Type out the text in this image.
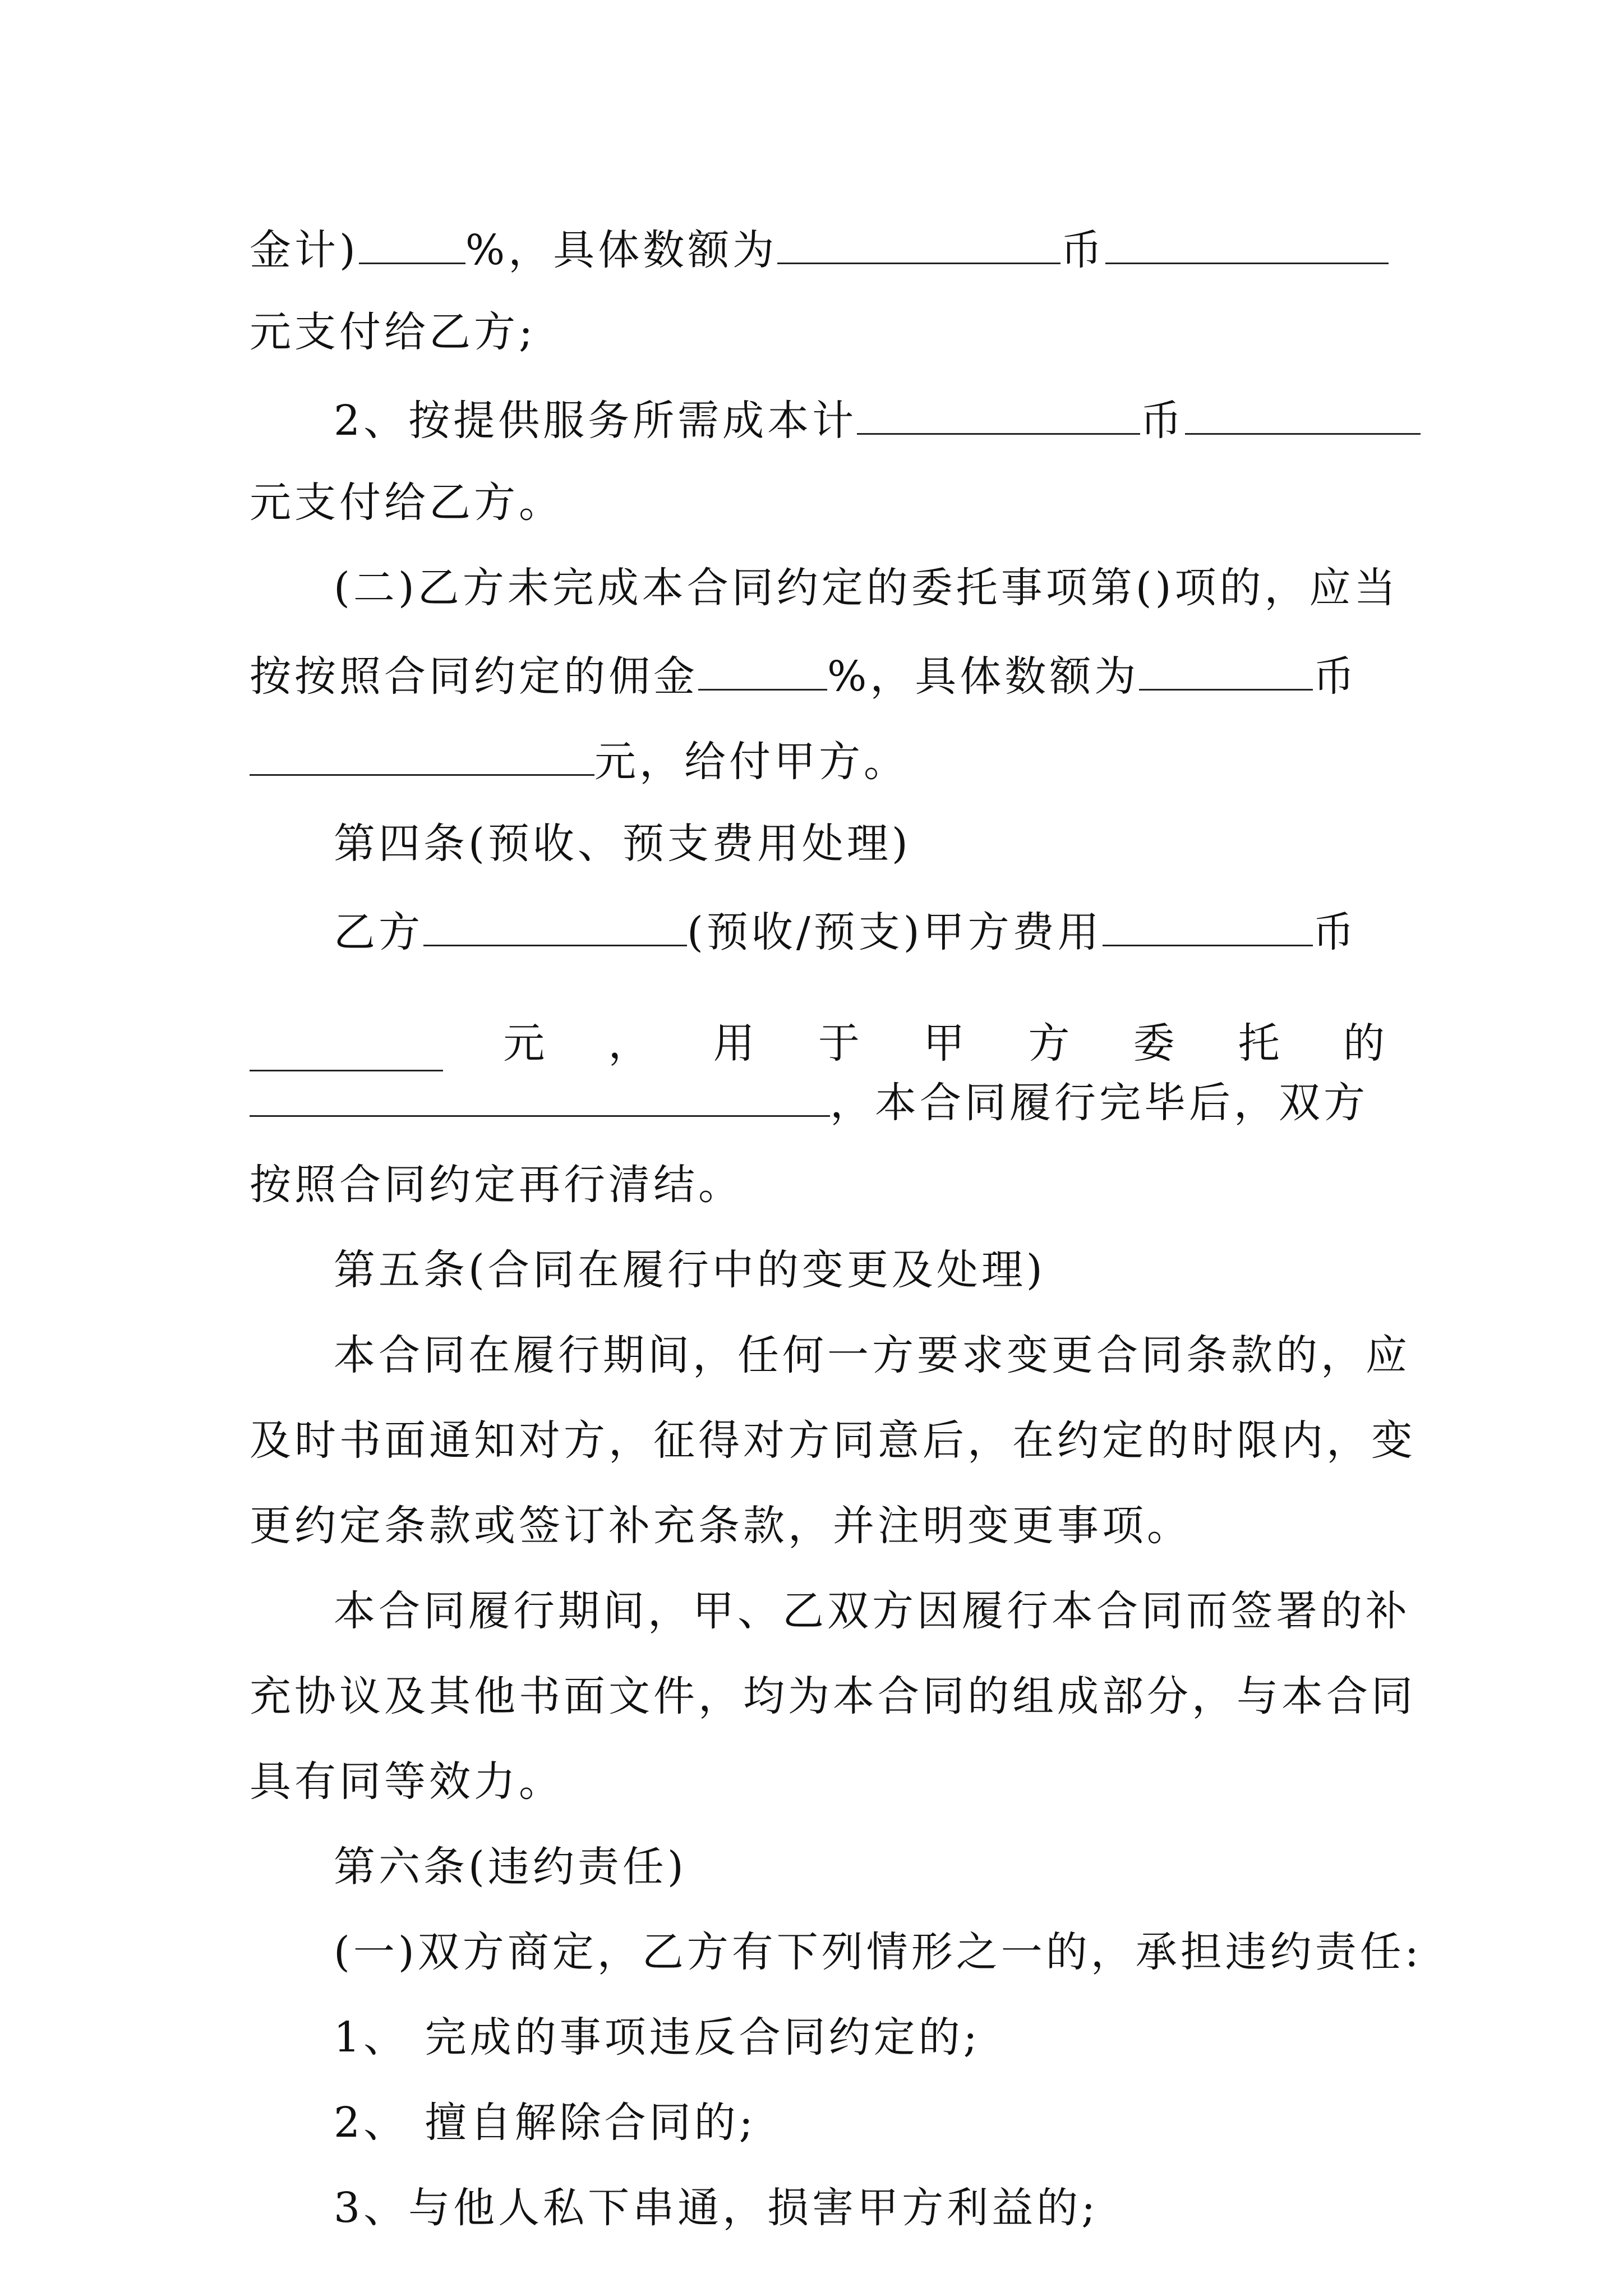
金计)	%，具体数额为	币
元支付给乙方;
2、按提供服务所需成本计	币
元支付给乙方。
(二)乙方未完成本合同约定的委托事项第()项的，应当
按按照合同约定的佣金	%，具体数额为	币
元，给付甲方。
第四条(预收、预支费用处理)
乙方	(预收/预支)甲方费用	币
元 ， 用 于 甲 方 委 托 的
，本合同履行完毕后，双方
按照合同约定再行清结。
第五条(合同在履行中的变更及处理)
本合同在履行期间，任何一方要求变更合同条款的，应
及时书面通知对方，征得对方同意后，在约定的时限内，变
更约定条款或签订补充条款，并注明变更事项。
本合同履行期间，甲、乙双方因履行本合同而签署的补
充协议及其他书面文件，均为本合同的组成部分，与本合同
具有同等效力。
第六条(违约责任)
(一)双方商定，乙方有下列情形之一的，承担违约责任:
1、 完成的事项违反合同约定的;
2、 擅自解除合同的;
3、与他人私下串通，损害甲方利益的;
